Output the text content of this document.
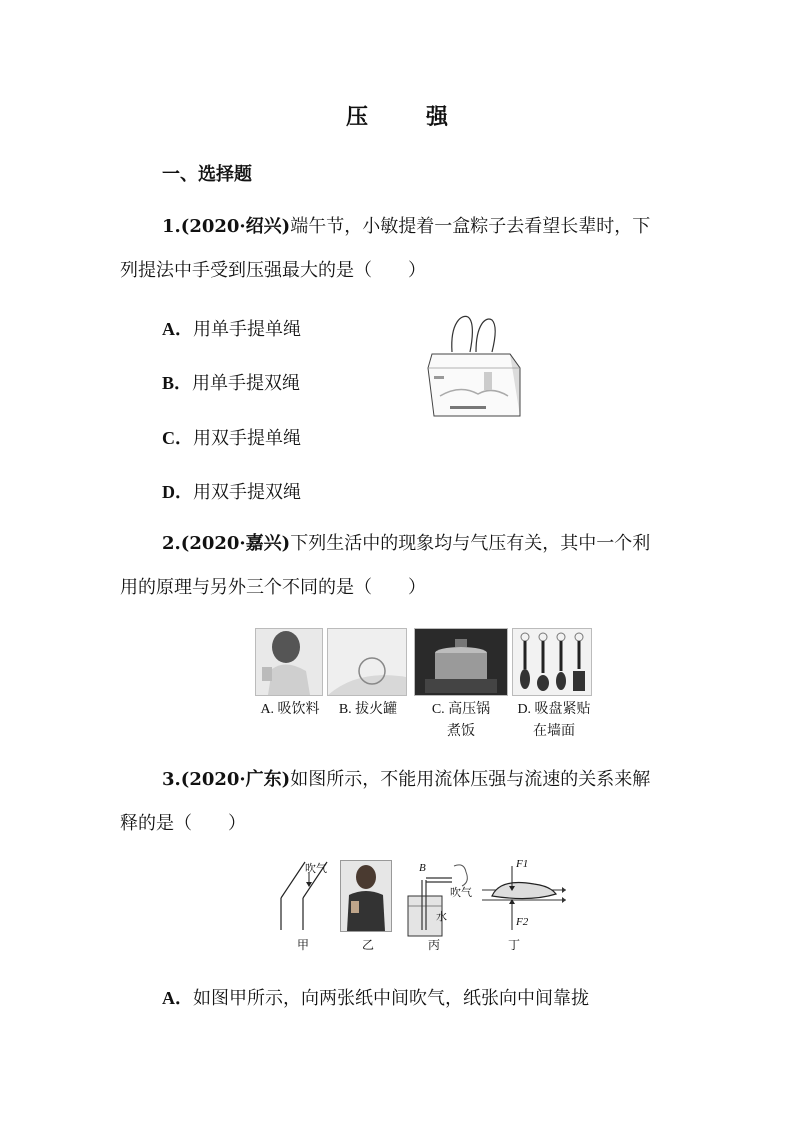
压　强
一、选择题
1.(2020·绍兴)端午节，小敏提着一盒粽子去看望长辈时，下
列提法中手受到压强最大的是（　　）
A．用单手提单绳
B．用单手提双绳
C．用双手提单绳
D．用双手提双绳
2.(2020·嘉兴)下列生活中的现象均与气压有关，其中一个利
用的原理与另外三个不同的是（　　）
A. 吸饮料	B. 拔火罐	C. 高压锅
煮饭
D. 吸盘紧贴
在墙面
3.(2020·广东)如图所示，不能用流体压强与流速的关系来解
释的是（　　）
吹气	B
吹气
水
F1
F2
甲	乙	丙	丁
A．如图甲所示，向两张纸中间吹气，纸张向中间靠拢
